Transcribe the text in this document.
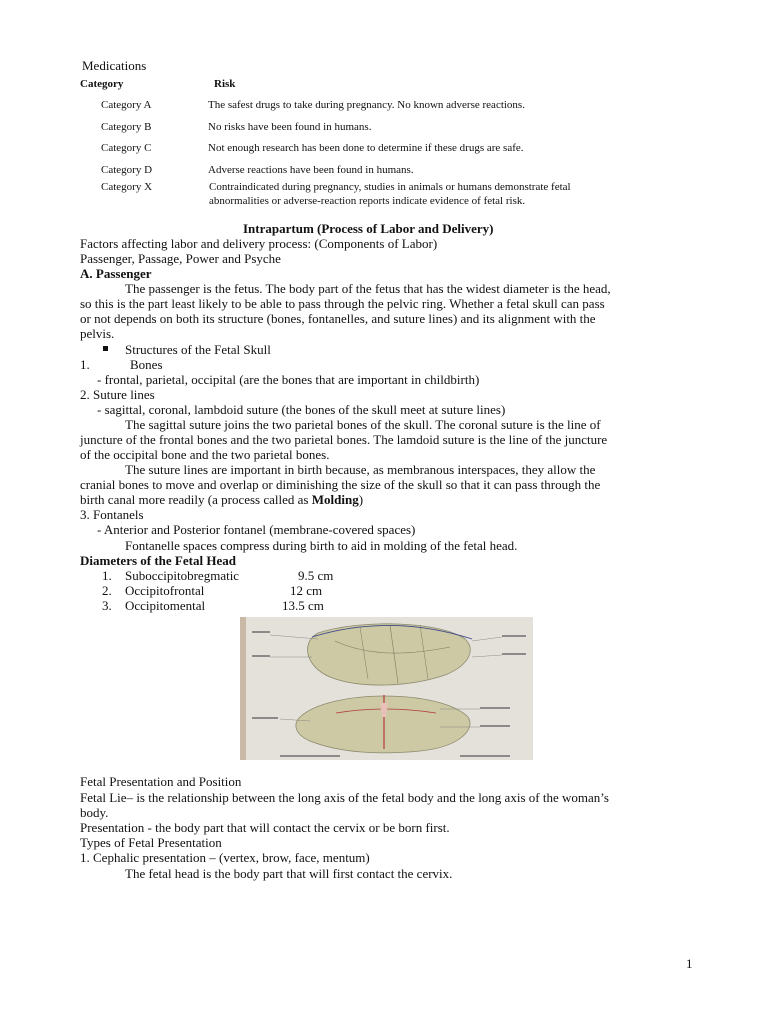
Medications
Category	Risk
Category A	The safest drugs to take during pregnancy. No known adverse reactions.
Category B	No risks have been found in humans.
Category C	Not enough research has been done to determine if these drugs are safe.
Category D	Adverse reactions have been found in humans.
Category X	Contraindicated during pregnancy, studies in animals or humans demonstrate fetal
abnormalities or adverse-reaction reports indicate evidence of fetal risk.
Intrapartum (Process of Labor and Delivery)
Factors affecting labor and delivery process: (Components of Labor)
Passenger, Passage, Power and Psyche
A. Passenger
The passenger is the fetus. The body part of the fetus that has the widest diameter is the head,
so this is the part least likely to be able to pass through the pelvic ring. Whether a fetal skull can pass
or not depends on both its structure (bones, fontanelles, and suture lines) and its alignment with the
pelvis.
Structures of the Fetal Skull
1.	Bones
- frontal, parietal, occipital (are the bones that are important in childbirth)
2. Suture lines
- sagittal, coronal, lambdoid suture (the bones of the skull meet at suture lines)
The sagittal suture joins the two parietal bones of the skull. The coronal suture is the line of
juncture of the frontal bones and the two parietal bones. The lamdoid suture is the line of the juncture
of the occipital bone and the two parietal bones.
The suture lines are important in birth because, as membranous interspaces, they allow the
cranial bones to move and overlap or diminishing the size of the skull so that it can pass through the
birth canal more readily (a process called as Molding)
3. Fontanels
- Anterior and Posterior fontanel (membrane-covered spaces)
Fontanelle spaces compress during birth to aid in molding of the fetal head.
Diameters of the Fetal Head
1. Suboccipitobregmatic	9.5 cm
2. Occipitofrontal	12 cm
3. Occipitomental	13.5 cm
Fetal Presentation and Position
Fetal Lie– is the relationship between the long axis of the fetal body and the long axis of the woman’s
body.
Presentation - the body part that will contact the cervix or be born first.
Types of Fetal Presentation
1. Cephalic presentation – (vertex, brow, face, mentum)
The fetal head is the body part that will first contact the cervix.
1
